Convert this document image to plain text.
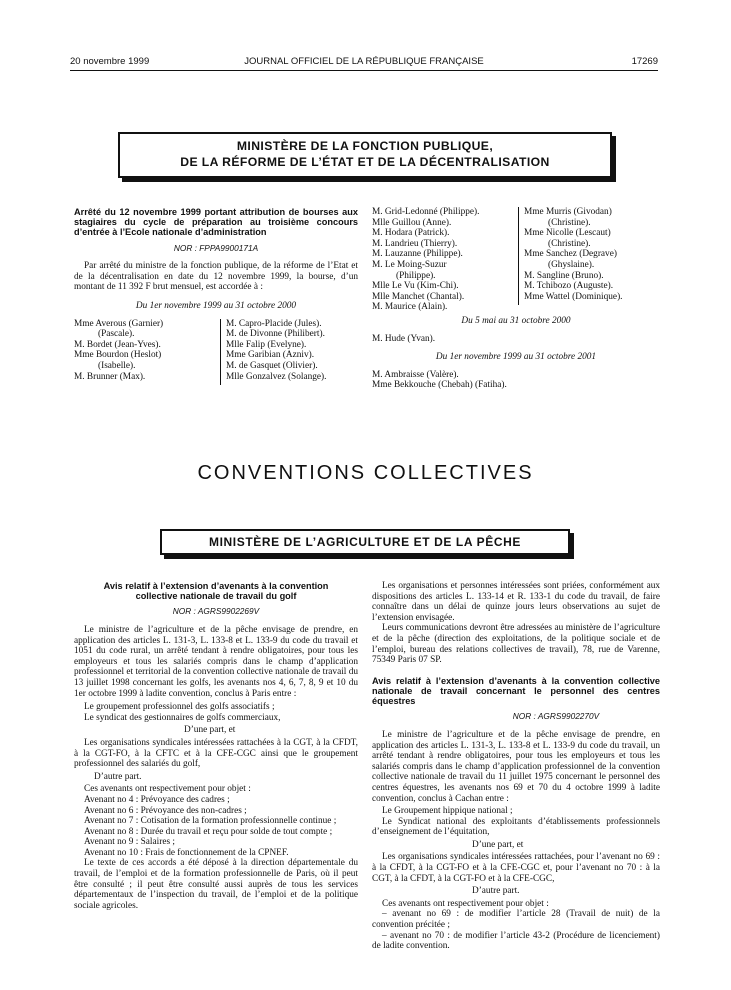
20 novembre 1999	JOURNAL OFFICIEL DE LA RÉPUBLIQUE FRANÇAISE	17269
MINISTÈRE DE LA FONCTION PUBLIQUE,
DE LA RÉFORME DE L’ÉTAT ET DE LA DÉCENTRALISATION

Arrêté du 12 novembre 1999 portant attribution de bourses aux stagiaires du cycle de préparation au troisième concours d’entrée à l’Ecole nationale d’administration

NOR : FPPA9900171A

Par arrêté du ministre de la fonction publique, de la réforme de l’Etat et de la décentralisation en date du 12 novembre 1999, la bourse, d’un montant de 11 392 F brut mensuel, est accordée à :

Du 1er novembre 1999 au 31 octobre 2000

Mme Averous (Garnier)
(Pascale).
M. Bordet (Jean-Yves).
Mme Bourdon (Heslot)
(Isabelle).
M. Brunner (Max).
M. Capro-Placide (Jules).
M. de Divonne (Philibert).
Mlle Falip (Evelyne).
Mme Garibian (Azniv).
M. de Gasquet (Olivier).
Mlle Gonzalvez (Solange).
M. Grid-Ledonné (Philippe).
Mlle Guillou (Anne).
M. Hodara (Patrick).
M. Landrieu (Thierry).
M. Lauzanne (Philippe).
M. Le Moing-Suzur
(Philippe).
Mlle Le Vu (Kim-Chi).
Mlle Manchet (Chantal).
M. Maurice (Alain).
Mme Murris (Givodan)
(Christine).
Mme Nicolle (Lescaut)
(Christine).
Mme Sanchez (Degrave)
(Ghyslaine).
M. Sangline (Bruno).
M. Tchibozo (Auguste).
Mme Wattel (Dominique).

Du 5 mai au 31 octobre 2000

M. Hude (Yvan).

Du 1er novembre 1999 au 31 octobre 2001

M. Ambraisse (Valère).

Mme Bekkouche (Chebah) (Fatiha).

CONVENTIONS COLLECTIVES
MINISTÈRE DE L’AGRICULTURE ET DE LA PÊCHE

Avis relatif à l’extension d’avenants à la convention collective nationale de travail du golf

NOR : AGRS9902269V

Le ministre de l’agriculture et de la pêche envisage de prendre, en application des articles L. 131-3, L. 133-8 et L. 133-9 du code du travail et 1051 du code rural, un arrêté tendant à rendre obligatoires, pour tous les employeurs et tous les salariés compris dans le champ d’application professionnel et territorial de la convention collective nationale de travail du 13 juillet 1998 concernant les golfs, les avenants nos 4, 6, 7, 8, 9 et 10 du 1er octobre 1999 à ladite convention, conclus à Paris entre :

Le groupement professionnel des golfs associatifs ;

Le syndicat des gestionnaires de golfs commerciaux,

D’une part, et

Les organisations syndicales intéressées rattachées à la CGT, à la CFDT, à la CGT-FO, à la CFTC et à la CFE-CGC ainsi que le groupement professionnel des salariés du golf,

D’autre part.

Ces avenants ont respectivement pour objet :

Avenant no 4 : Prévoyance des cadres ;

Avenant no 6 : Prévoyance des non-cadres ;

Avenant no 7 : Cotisation de la formation professionnelle continue ;

Avenant no 8 : Durée du travail et reçu pour solde de tout compte ;

Avenant no 9 : Salaires ;

Avenant no 10 : Frais de fonctionnement de la CPNEF.

Le texte de ces accords a été déposé à la direction départementale du travail, de l’emploi et de la formation professionnelle de Paris, où il peut être consulté ; il peut être consulté aussi auprès de tous les services départementaux de l’inspection du travail, de l’emploi et de la politique sociale agricoles.

Les organisations et personnes intéressées sont priées, conformément aux dispositions des articles L. 133-14 et R. 133-1 du code du travail, de faire connaître dans un délai de quinze jours leurs observations au sujet de l’extension envisagée.

Leurs communications devront être adressées au ministère de l’agriculture et de la pêche (direction des exploitations, de la politique sociale et de l’emploi, bureau des relations collectives de travail), 78, rue de Varenne, 75349 Paris 07 SP.

Avis relatif à l’extension d’avenants à la convention collective nationale de travail concernant le personnel des centres équestres

NOR : AGRS9902270V

Le ministre de l’agriculture et de la pêche envisage de prendre, en application des articles L. 131-3, L. 133-8 et L. 133-9 du code du travail, un arrêté tendant à rendre obligatoires, pour tous les employeurs et tous les salariés compris dans le champ d’application professionnel de la convention collective nationale de travail du 11 juillet 1975 concernant le personnel des centres équestres, les avenants nos 69 et 70 du 4 octobre 1999 à ladite convention, conclus à Cachan entre :

Le Groupement hippique national ;

Le Syndicat national des exploitants d’établissements professionnels d’enseignement de l’équitation,

D’une part, et

Les organisations syndicales intéressées rattachées, pour l’avenant no 69 : à la CFDT, à la CGT-FO et à la CFE-CGC et, pour l’avenant no 70 : à la CGT, à la CFDT, à la CGT-FO et à la CFE-CGC,

D’autre part.

Ces avenants ont respectivement pour objet :

– avenant no 69 : de modifier l’article 28 (Travail de nuit) de la convention précitée ;

– avenant no 70 : de modifier l’article 43-2 (Procédure de licenciement) de ladite convention.
